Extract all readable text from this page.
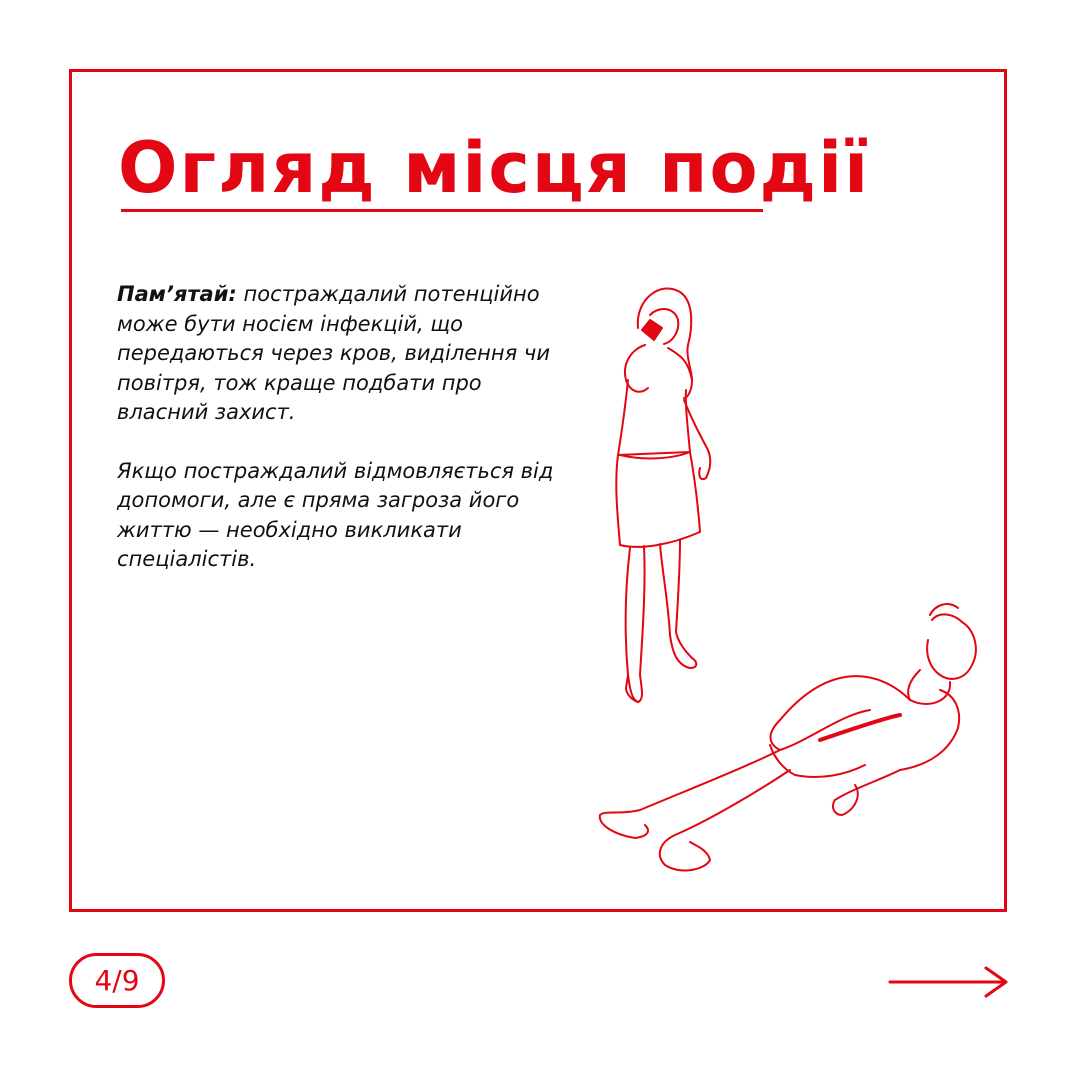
Огляд місця події

Пам’ятай: постраждалий потенційно може бути носієм інфекцій, що передаються через кров, виділення чи повітря, тож краще подбати про власний захист.

Якщо постраждалий відмовляється від допомоги, але є пряма загроза його життю — необхідно викликати спеціалістів.

4/9
